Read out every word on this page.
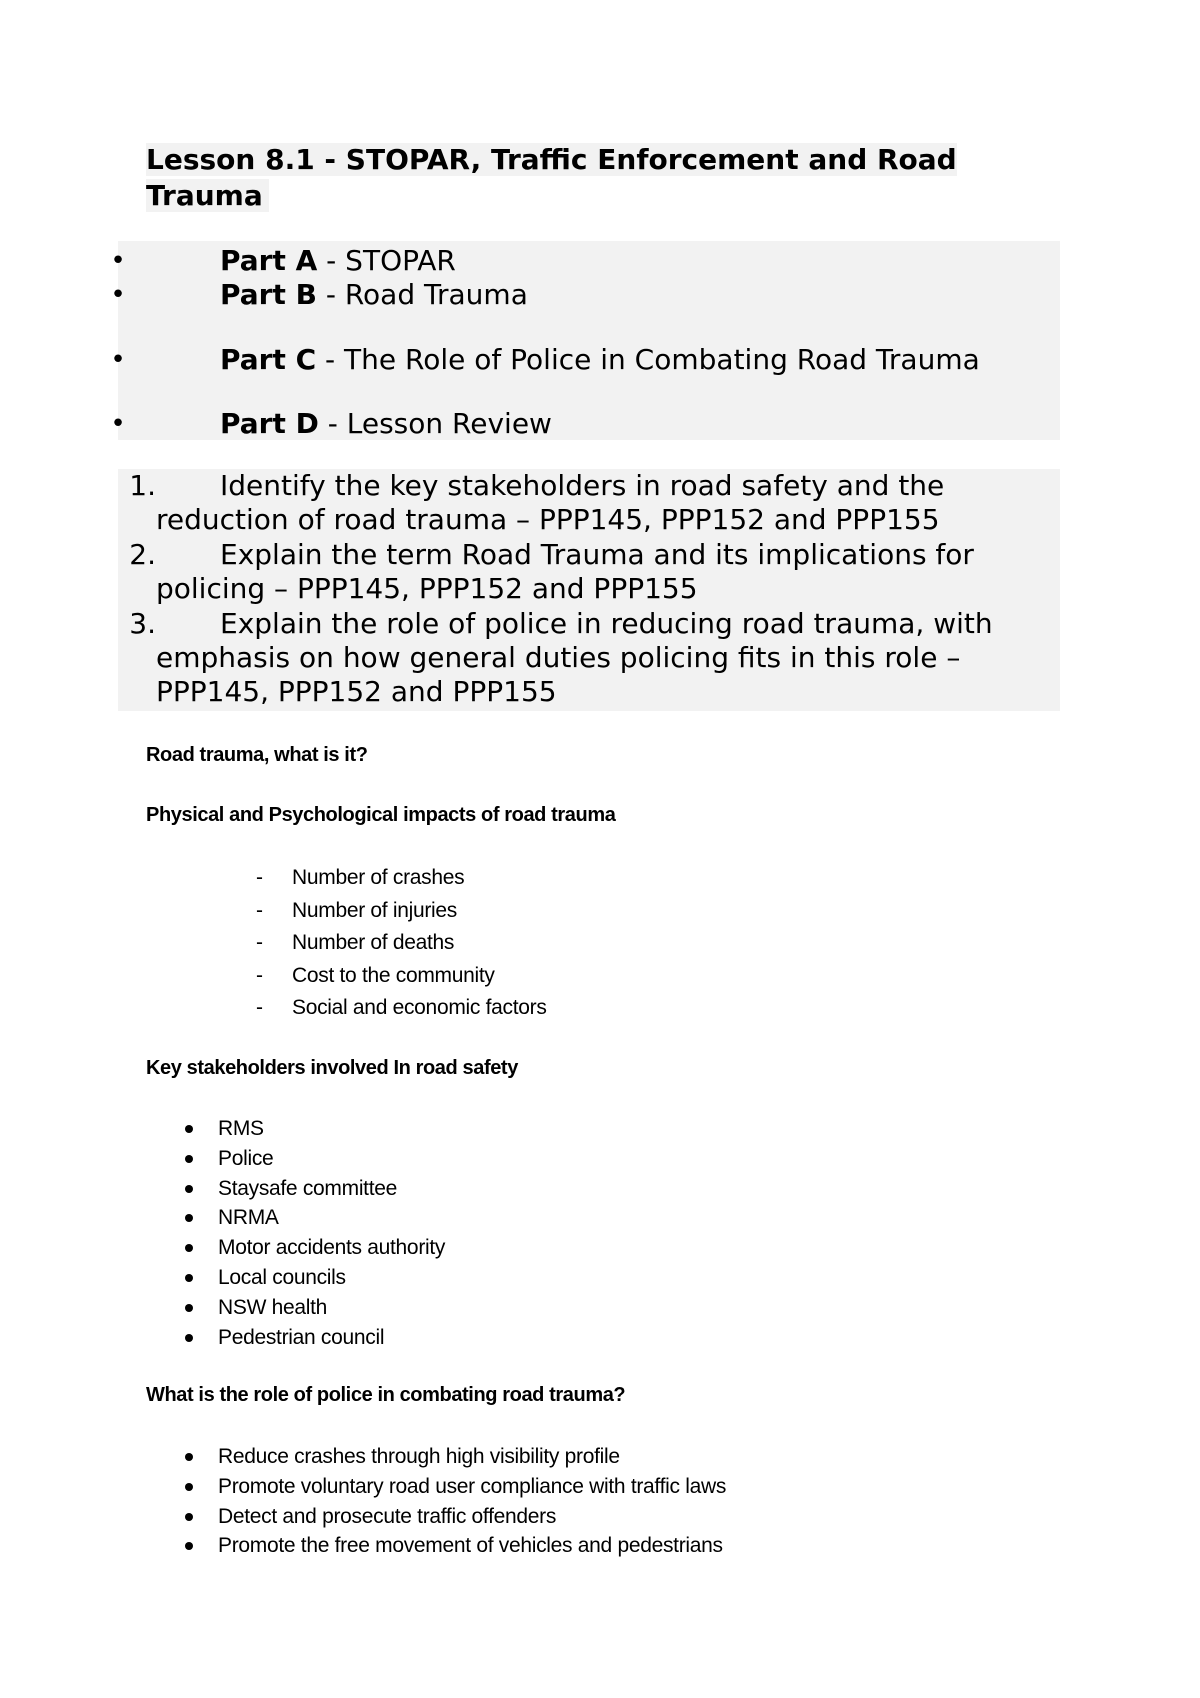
Lesson 8.1 - STOPAR, Traffic Enforcement and Road Trauma
•	Part A - STOPAR
•	Part B - Road Trauma
•	Part C - The Role of Police in Combating Road Trauma
•	Part D - Lesson Review
1. Identify the key stakeholders in road safety and the
reduction of road trauma – PPP145, PPP152 and PPP155
2. Explain the term Road Trauma and its implications for
policing – PPP145, PPP152 and PPP155
3. Explain the role of police in reducing road trauma, with
emphasis on how general duties policing fits in this role –
PPP145, PPP152 and PPP155
Road trauma, what is it?
Physical and Psychological impacts of road trauma
- Number of crashes
- Number of injuries
- Number of deaths
- Cost to the community
- Social and economic factors
Key stakeholders involved In road safety
RMS
Police
Staysafe committee
NRMA
Motor accidents authority
Local councils
NSW health
Pedestrian council
What is the role of police in combating road trauma?
Reduce crashes through high visibility profile
Promote voluntary road user compliance with traffic laws
Detect and prosecute traffic offenders
Promote the free movement of vehicles and pedestrians
